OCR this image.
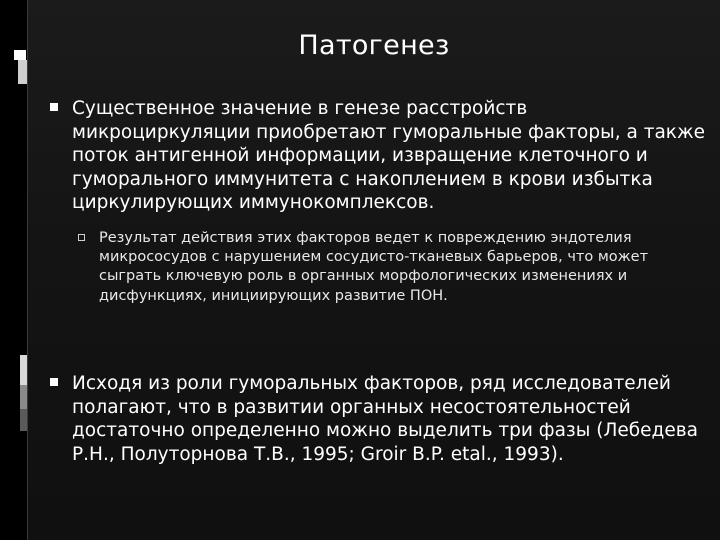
Патогенез
Существенное значение в генезе расстройств микроциркуляции приобретают гуморальные факторы, а также поток антигенной информации, извращение клеточного и гуморального иммунитета с накоплением в крови избытка циркулирующих иммунокомплексов.
Результат действия этих факторов ведет к повреждению эндотелия микрососудов с нарушением сосудисто-тканевых барьеров, что может сыграть ключевую роль в органных морфологических изменениях и дисфункциях, инициирующих развитие ПОН.
Исходя из роли гуморальных факторов, ряд исследователей полагают, что в развитии органных несостоятельностей достаточно определенно можно выделить три фазы (Лебедева Р.Н., Полуторнова Т.В., 1995; Groir B.P. etal., 1993).
